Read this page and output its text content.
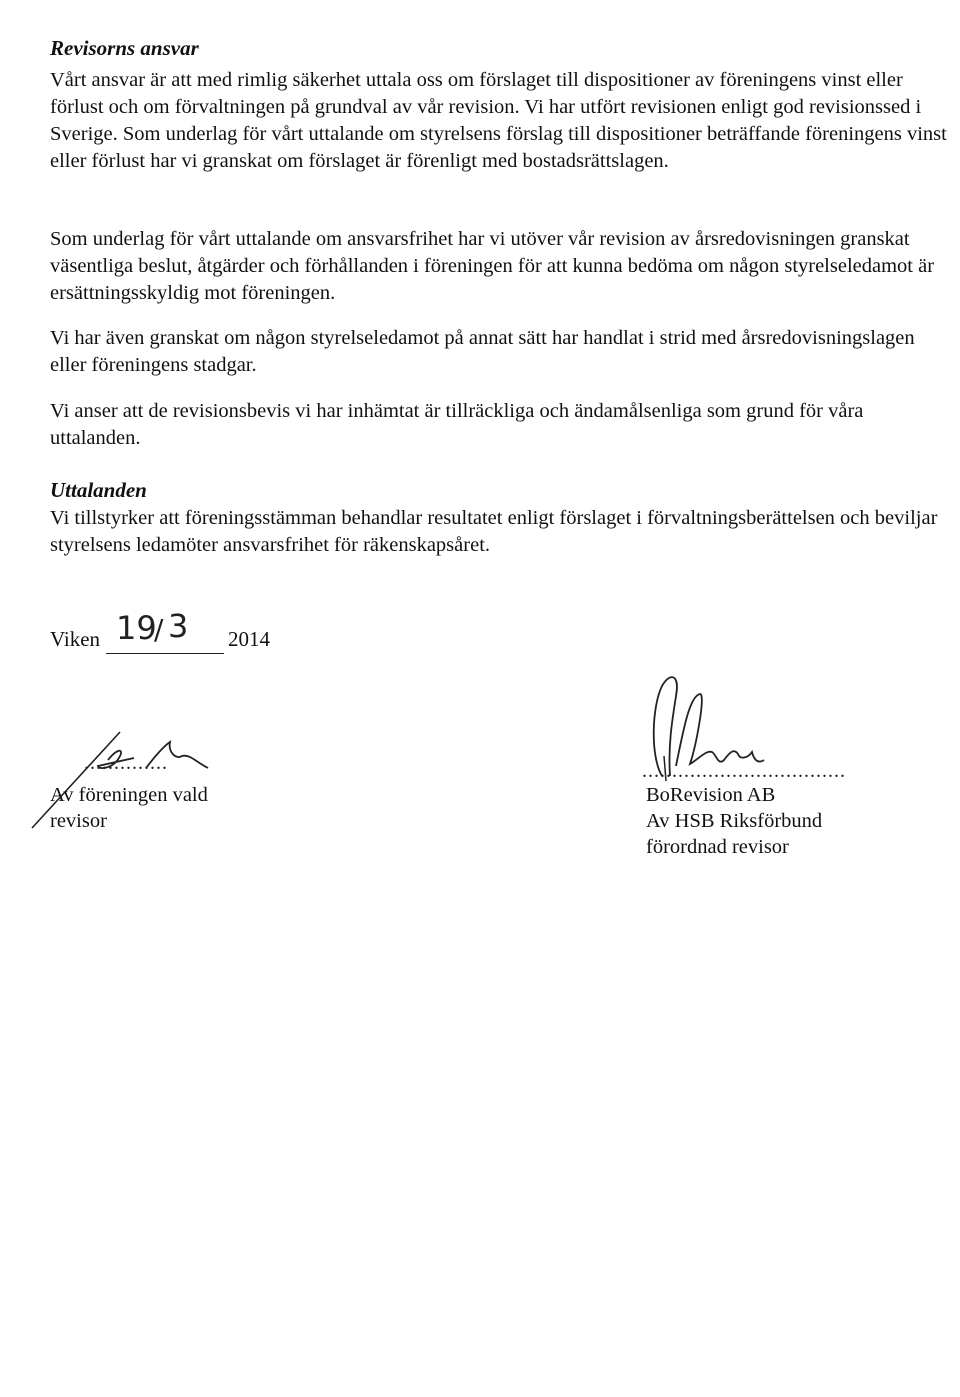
Revisorns ansvar

Vårt ansvar är att med rimlig säkerhet uttala oss om förslaget till dispositioner av föreningens vinst eller förlust och om förvaltningen på grundval av vår revision. Vi har utfört revisionen enligt god revisionssed i Sverige. Som underlag för vårt uttalande om styrelsens förslag till dispositioner beträffande föreningens vinst eller förlust har vi granskat om förslaget är förenligt med bostadsrättslagen.

Som underlag för vårt uttalande om ansvarsfrihet har vi utöver vår revision av årsredovisningen granskat väsentliga beslut, åtgärder och förhållanden i föreningen för att kunna bedöma om någon styrelseledamot är ersättningsskyldig mot föreningen.

Vi har även granskat om någon styrelseledamot på annat sätt har handlat i strid med årsredovisningslagen eller föreningens stadgar.

Vi anser att de revisionsbevis vi har inhämtat är tillräckliga och ändamålsenliga som grund för våra uttalanden.

Uttalanden

Vi tillstyrker att föreningsstämman behandlar resultatet enligt förslaget i förvaltningsberättelsen och beviljar styrelsens ledamöter ansvarsfrihet för räkenskapsåret.

Viken 19
/ 3 2014
..............
Av föreningen vald
revisor
..................................
BoRevision AB
Av HSB Riksförbund
förordnad revisor
